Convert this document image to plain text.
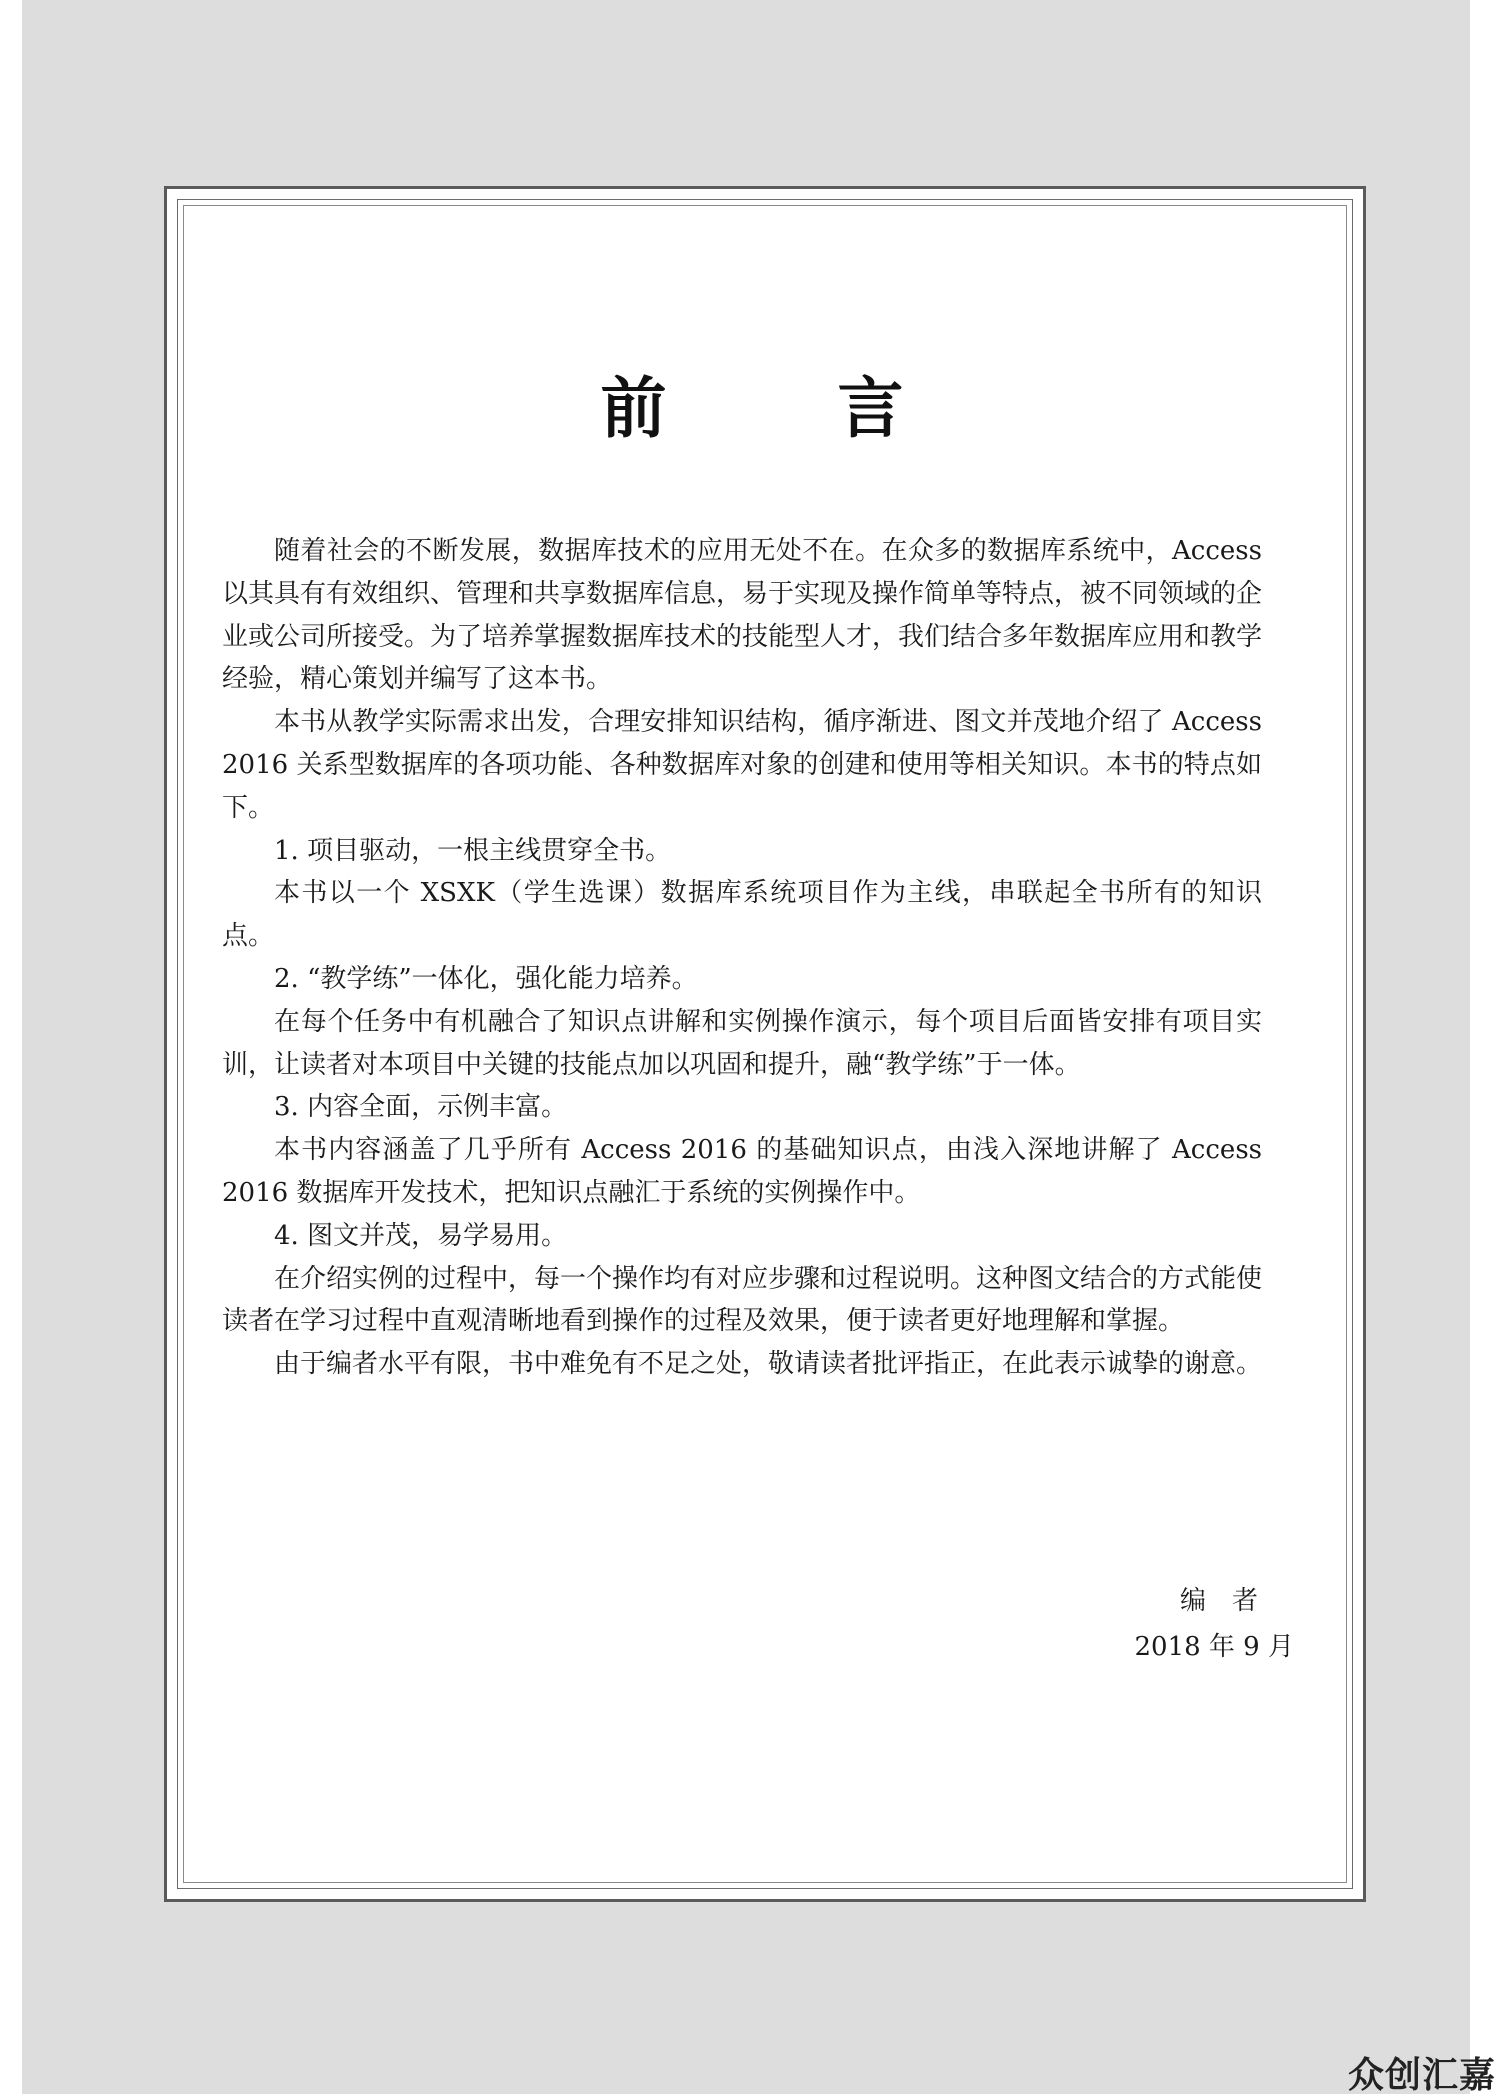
前 言

随着社会的不断发展，数据库技术的应用无处不在。在众多的数据库系统中，Access 以其具有有效组织、管理和共享数据库信息，易于实现及操作简单等特点，被不同领域的企业或公司所接受。为了培养掌握数据库技术的技能型人才，我们结合多年数据库应用和教学经验，精心策划并编写了这本书。

本书从教学实际需求出发，合理安排知识结构，循序渐进、图文并茂地介绍了 Access 2016 关系型数据库的各项功能、各种数据库对象的创建和使用等相关知识。本书的特点如下。

1. 项目驱动，一根主线贯穿全书。

本书以一个 XSXK（学生选课）数据库系统项目作为主线，串联起全书所有的知识点。

2. “教学练”一体化，强化能力培养。

在每个任务中有机融合了知识点讲解和实例操作演示，每个项目后面皆安排有项目实训，让读者对本项目中关键的技能点加以巩固和提升，融“教学练”于一体。

3. 内容全面，示例丰富。

本书内容涵盖了几乎所有 Access 2016 的基础知识点，由浅入深地讲解了 Access 2016 数据库开发技术，把知识点融汇于系统的实例操作中。

4. 图文并茂，易学易用。

在介绍实例的过程中，每一个操作均有对应步骤和过程说明。这种图文结合的方式能使读者在学习过程中直观清晰地看到操作的过程及效果，便于读者更好地理解和掌握。

由于编者水平有限，书中难免有不足之处，敬请读者批评指正，在此表示诚挚的谢意。

编者
2018 年 9 月
众创汇嘉
